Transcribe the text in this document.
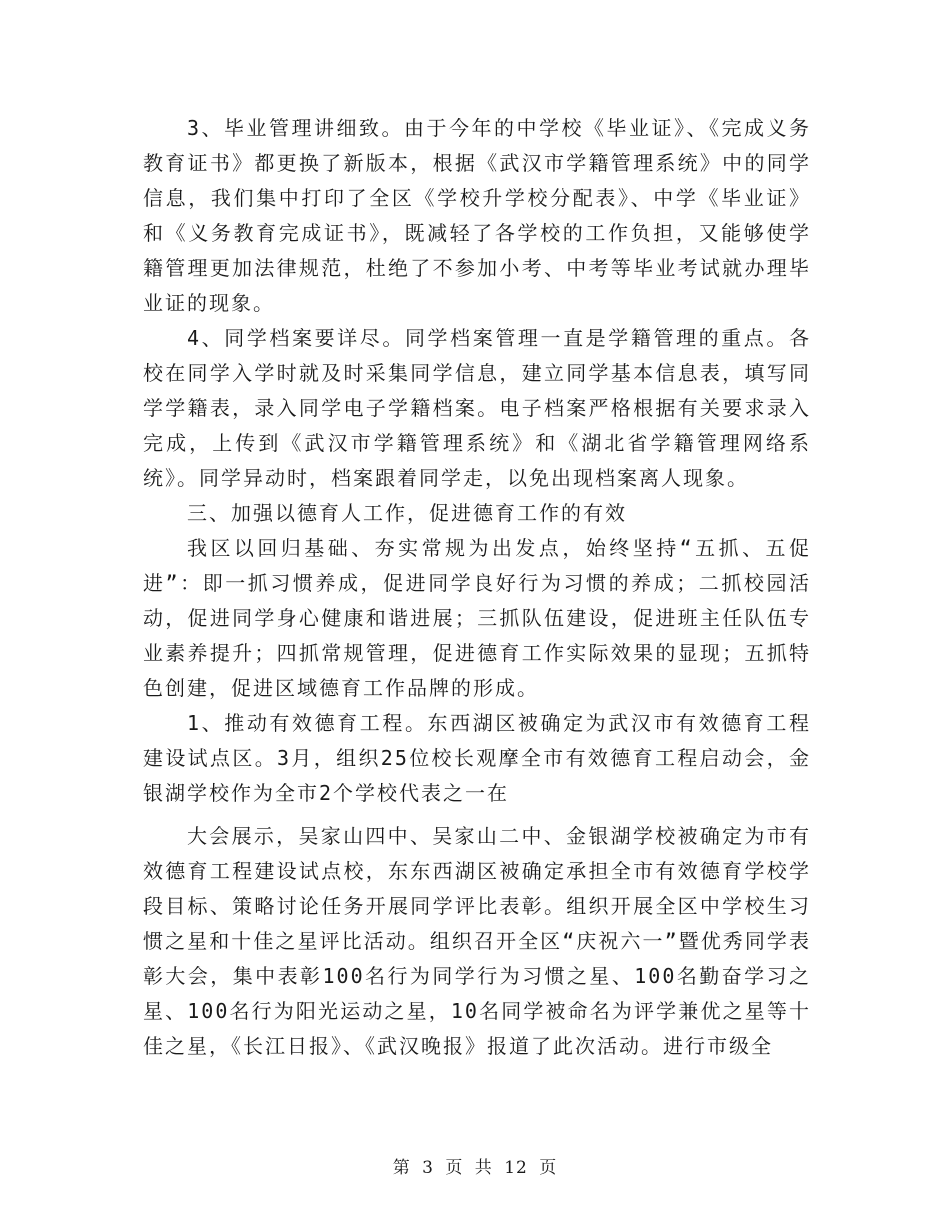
3、毕业管理讲细致。由于今年的中学校《毕业证》、《完成义务教育证书》都更换了新版本，根据《武汉市学籍管理系统》中的同学信息，我们集中打印了全区《学校升学校分配表》、中学《毕业证》和《义务教育完成证书》，既减轻了各学校的工作负担，又能够使学籍管理更加法律规范，杜绝了不参加小考、中考等毕业考试就办理毕业证的现象。

4、同学档案要详尽。同学档案管理一直是学籍管理的重点。各校在同学入学时就及时采集同学信息，建立同学基本信息表，填写同学学籍表，录入同学电子学籍档案。电子档案严格根据有关要求录入完成，上传到《武汉市学籍管理系统》和《湖北省学籍管理网络系统》。同学异动时，档案跟着同学走，以免出现档案离人现象。

三、加强以德育人工作，促进德育工作的有效

我区以回归基础、夯实常规为出发点，始终坚持“五抓、五促进”：即一抓习惯养成，促进同学良好行为习惯的养成；二抓校园活动，促进同学身心健康和谐进展；三抓队伍建设，促进班主任队伍专业素养提升；四抓常规管理，促进德育工作实际效果的显现；五抓特色创建，促进区域德育工作品牌的形成。

1、推动有效德育工程。东西湖区被确定为武汉市有效德育工程建设试点区。3月，组织25位校长观摩全市有效德育工程启动会，金银湖学校作为全市2个学校代表之一在

大会展示，吴家山四中、吴家山二中、金银湖学校被确定为市有效德育工程建设试点校，东东西湖区被确定承担全市有效德育学校学段目标、策略讨论任务开展同学评比表彰。组织开展全区中学校生习惯之星和十佳之星评比活动。组织召开全区“庆祝六一”暨优秀同学表彰大会，集中表彰100名行为同学行为习惯之星、100名勤奋学习之星、100名行为阳光运动之星，10名同学被命名为评学兼优之星等十佳之星，《长江日报》、《武汉晚报》报道了此次活动。进行市级全

第 3 页 共 12 页
